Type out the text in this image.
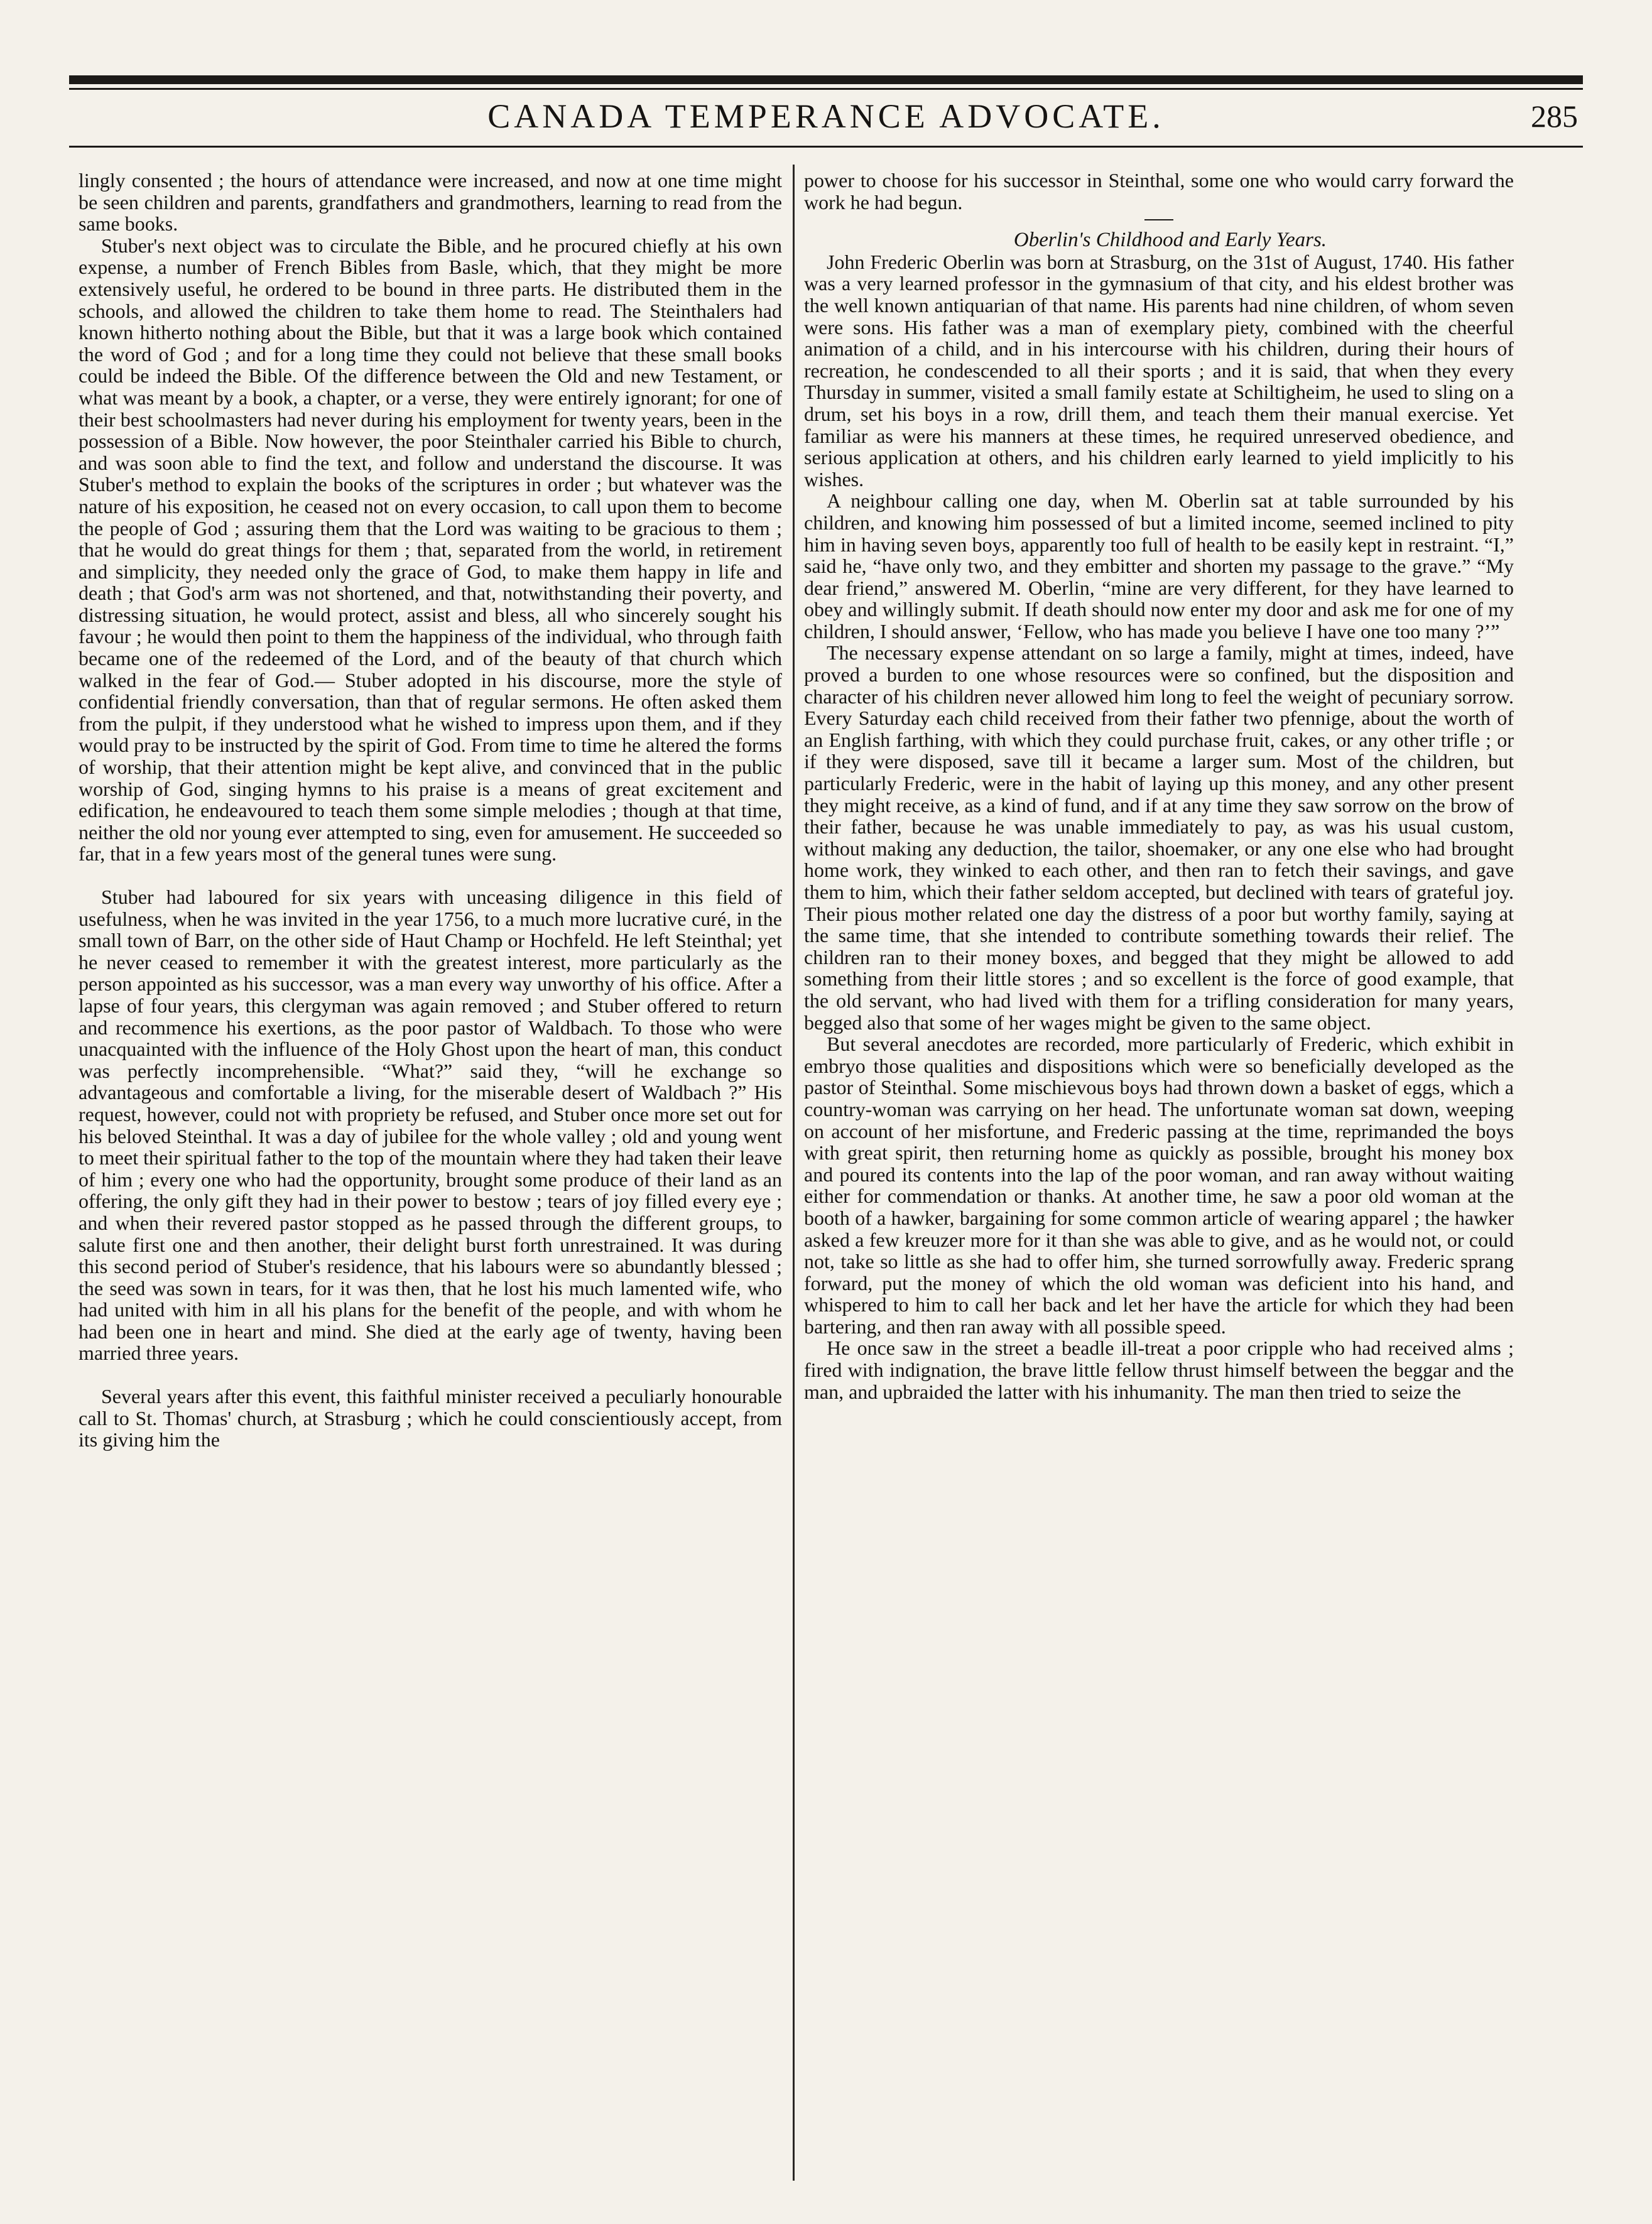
CANADA TEMPERANCE ADVOCATE.	285

lingly consented ; the hours of attendance were increased, and now at one time might be seen children and parents, grandfathers and grandmothers, learning to read from the same books.

Stuber's next object was to circulate the Bible, and he procured chiefly at his own expense, a number of French Bibles from Basle, which, that they might be more extensively useful, he ordered to be bound in three parts. He distributed them in the schools, and allowed the children to take them home to read. The Steinthalers had known hitherto nothing about the Bible, but that it was a large book which contained the word of God ; and for a long time they could not believe that these small books could be indeed the Bible. Of the difference between the Old and new Testament, or what was meant by a book, a chapter, or a verse, they were entirely ignorant; for one of their best schoolmasters had never during his employment for twenty years, been in the possession of a Bible. Now however, the poor Steinthaler carried his Bible to church, and was soon able to find the text, and follow and understand the discourse. It was Stuber's method to explain the books of the scriptures in order ; but whatever was the nature of his exposition, he ceased not on every occasion, to call upon them to become the people of God ; assuring them that the Lord was waiting to be gracious to them ; that he would do great things for them ; that, separated from the world, in retirement and simplicity, they needed only the grace of God, to make them happy in life and death ; that God's arm was not shortened, and that, notwithstanding their poverty, and distressing situation, he would protect, assist and bless, all who sincerely sought his favour ; he would then point to them the happiness of the individual, who through faith became one of the redeemed of the Lord, and of the beauty of that church which walked in the fear of God.— Stuber adopted in his discourse, more the style of confidential friendly conversation, than that of regular sermons. He often asked them from the pulpit, if they understood what he wished to impress upon them, and if they would pray to be instructed by the spirit of God. From time to time he altered the forms of worship, that their attention might be kept alive, and convinced that in the public worship of God, singing hymns to his praise is a means of great excitement and edification, he endeavoured to teach them some simple melodies ; though at that time, neither the old nor young ever attempted to sing, even for amusement. He succeeded so far, that in a few years most of the general tunes were sung.

Stuber had laboured for six years with unceasing diligence in this field of usefulness, when he was invited in the year 1756, to a much more lucrative curé, in the small town of Barr, on the other side of Haut Champ or Hochfeld. He left Steinthal; yet he never ceased to remember it with the greatest interest, more particularly as the person appointed as his successor, was a man every way unworthy of his office. After a lapse of four years, this clergyman was again removed ; and Stuber offered to return and recommence his exertions, as the poor pastor of Waldbach. To those who were unacquainted with the influence of the Holy Ghost upon the heart of man, this conduct was perfectly incomprehensible. “What?” said they, “will he exchange so advantageous and comfortable a living, for the miserable desert of Waldbach ?” His request, however, could not with propriety be refused, and Stuber once more set out for his beloved Steinthal. It was a day of jubilee for the whole valley ; old and young went to meet their spiritual father to the top of the mountain where they had taken their leave of him ; every one who had the opportunity, brought some produce of their land as an offering, the only gift they had in their power to bestow ; tears of joy filled every eye ; and when their revered pastor stopped as he passed through the different groups, to salute first one and then another, their delight burst forth unrestrained. It was during this second period of Stuber's residence, that his labours were so abundantly blessed ; the seed was sown in tears, for it was then, that he lost his much lamented wife, who had united with him in all his plans for the benefit of the people, and with whom he had been one in heart and mind. She died at the early age of twenty, having been married three years.

Several years after this event, this faithful minister received a peculiarly honourable call to St. Thomas' church, at Strasburg ; which he could conscientiously accept, from its giving him the

power to choose for his successor in Steinthal, some one who would carry forward the work he had begun.

Oberlin's Childhood and Early Years.

John Frederic Oberlin was born at Strasburg, on the 31st of August, 1740. His father was a very learned professor in the gymnasium of that city, and his eldest brother was the well known antiquarian of that name. His parents had nine children, of whom seven were sons. His father was a man of exemplary piety, combined with the cheerful animation of a child, and in his intercourse with his children, during their hours of recreation, he condescended to all their sports ; and it is said, that when they every Thursday in summer, visited a small family estate at Schiltigheim, he used to sling on a drum, set his boys in a row, drill them, and teach them their manual exercise. Yet familiar as were his manners at these times, he required unreserved obedience, and serious application at others, and his children early learned to yield implicitly to his wishes.

A neighbour calling one day, when M. Oberlin sat at table surrounded by his children, and knowing him possessed of but a limited income, seemed inclined to pity him in having seven boys, apparently too full of health to be easily kept in restraint. “I,” said he, “have only two, and they embitter and shorten my passage to the grave.” “My dear friend,” answered M. Oberlin, “mine are very different, for they have learned to obey and willingly submit. If death should now enter my door and ask me for one of my children, I should answer, ‘Fellow, who has made you believe I have one too many ?’”

The necessary expense attendant on so large a family, might at times, indeed, have proved a burden to one whose resources were so confined, but the disposition and character of his children never allowed him long to feel the weight of pecuniary sorrow. Every Saturday each child received from their father two pfennige, about the worth of an English farthing, with which they could purchase fruit, cakes, or any other trifle ; or if they were disposed, save till it became a larger sum. Most of the children, but particularly Frederic, were in the habit of laying up this money, and any other present they might receive, as a kind of fund, and if at any time they saw sorrow on the brow of their father, because he was unable immediately to pay, as was his usual custom, without making any deduction, the tailor, shoemaker, or any one else who had brought home work, they winked to each other, and then ran to fetch their savings, and gave them to him, which their father seldom accepted, but declined with tears of grateful joy. Their pious mother related one day the distress of a poor but worthy family, saying at the same time, that she intended to contribute something towards their relief. The children ran to their money boxes, and begged that they might be allowed to add something from their little stores ; and so excellent is the force of good example, that the old servant, who had lived with them for a trifling consideration for many years, begged also that some of her wages might be given to the same object.

But several anecdotes are recorded, more particularly of Frederic, which exhibit in embryo those qualities and dispositions which were so beneficially developed as the pastor of Steinthal. Some mischievous boys had thrown down a basket of eggs, which a country-woman was carrying on her head. The unfortunate woman sat down, weeping on account of her misfortune, and Frederic passing at the time, reprimanded the boys with great spirit, then returning home as quickly as possible, brought his money box and poured its contents into the lap of the poor woman, and ran away without waiting either for commendation or thanks. At another time, he saw a poor old woman at the booth of a hawker, bargaining for some common article of wearing apparel ; the hawker asked a few kreuzer more for it than she was able to give, and as he would not, or could not, take so little as she had to offer him, she turned sorrowfully away. Frederic sprang forward, put the money of which the old woman was deficient into his hand, and whispered to him to call her back and let her have the article for which they had been bartering, and then ran away with all possible speed.

He once saw in the street a beadle ill-treat a poor cripple who had received alms ; fired with indignation, the brave little fellow thrust himself between the beggar and the man, and upbraided the latter with his inhumanity. The man then tried to seize the
